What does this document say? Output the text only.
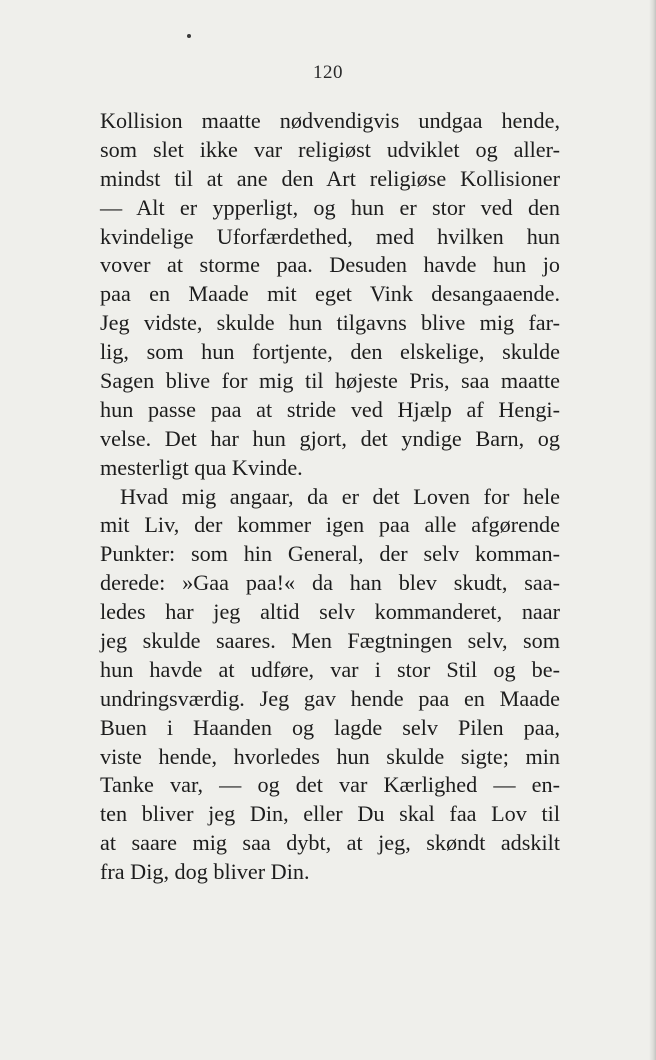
120

Kollision maatte nødvendigvis undgaa hende,
som slet ikke var religiøst udviklet og aller-
mindst til at ane den Art religiøse Kollisioner
— Alt er ypperligt, og hun er stor ved den
kvindelige Uforfærdethed, med hvilken hun
vover at storme paa. Desuden havde hun jo
paa en Maade mit eget Vink desangaaende.
Jeg vidste, skulde hun tilgavns blive mig far-
lig, som hun fortjente, den elskelige, skulde
Sagen blive for mig til højeste Pris, saa maatte
hun passe paa at stride ved Hjælp af Hengi-
velse. Det har hun gjort, det yndige Barn, og
mesterligt qua Kvinde.
Hvad mig angaar, da er det Loven for hele
mit Liv, der kommer igen paa alle afgørende
Punkter: som hin General, der selv komman-
derede: »Gaa paa!« da han blev skudt, saa-
ledes har jeg altid selv kommanderet, naar
jeg skulde saares. Men Fægtningen selv, som
hun havde at udføre, var i stor Stil og be-
undringsværdig. Jeg gav hende paa en Maade
Buen i Haanden og lagde selv Pilen paa,
viste hende, hvorledes hun skulde sigte; min
Tanke var, — og det var Kærlighed — en-
ten bliver jeg Din, eller Du skal faa Lov til
at saare mig saa dybt, at jeg, skøndt adskilt
fra Dig, dog bliver Din.
